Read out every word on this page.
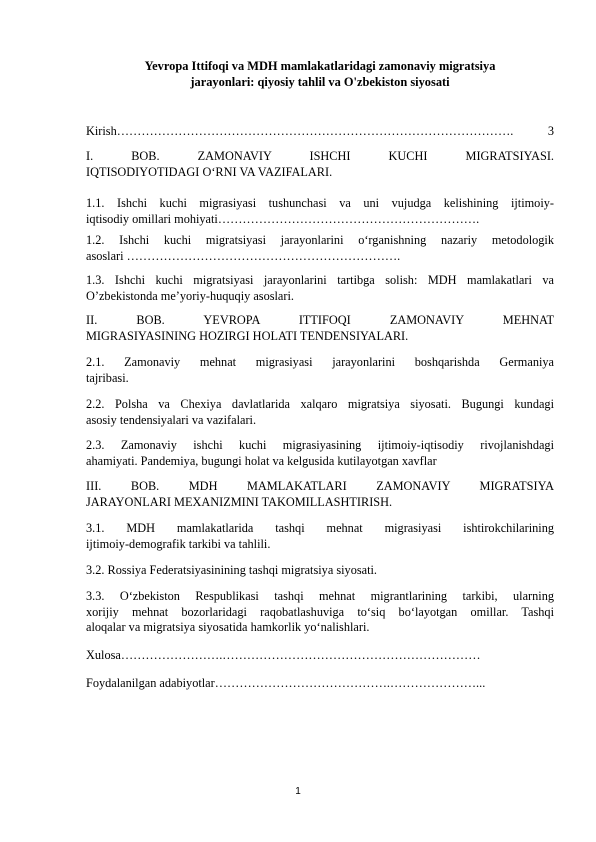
Yevropa Ittifoqi va MDH mamlakatlaridagi zamonaviy migratsiya
jarayonlari: qiyosiy tahlil va O'zbekiston siyosati
Kirish …………………………………………………………………………………….	3
I. BOB. ZAMONAVIY ISHCHI KUCHI MIGRATSIYASI.
IQTISODIYOTIDAGI O‘RNI VA VAZIFALARI.
1.1. Ishchi kuchi migrasiyasi tushunchasi va uni vujudga kelishining ijtimoiy-
iqtisodiy omillari mohiyati……………………………………………………….
1.2. Ishchi kuchi migratsiyasi jarayonlarini o‘rganishning nazariy metodologik
asoslari ………………………………………………………….
1.3. Ishchi kuchi migratsiyasi jarayonlarini tartibga solish: MDH mamlakatlari va
O’zbekistonda me’yoriy-huquqiy asoslari.
II. BOB. YEVROPA ITTIFOQI ZAMONAVIY MEHNAT
MIGRASIYASINING HOZIRGI HOLATI TENDENSIYALARI.
2.1. Zamonaviy mehnat migrasiyasi jarayonlarini boshqarishda Germaniya
tajribasi.
2.2. Polsha va Chexiya davlatlarida xalqaro migratsiya siyosati. Bugungi kundagi
asosiy tendensiyalari va vazifalari.
2.3. Zamonaviy ishchi kuchi migrasiyasining ijtimoiy-iqtisodiy rivojlanishdagi
ahamiyati. Pandemiya, bugungi holat va kelgusida kutilayotgan xavflar
III. BOB. MDH MAMLAKATLARI ZAMONAVIY MIGRATSIYA
JARAYONLARI MEXANIZMINI TAKOMILLASHTIRISH.
3.1. MDH mamlakatlarida tashqi mehnat migrasiyasi ishtirokchilarining
ijtimoiy-demografik tarkibi va tahlili.
3.2. Rossiya Federatsiyasinining tashqi migratsiya siyosati.
3.3. O‘zbekiston Respublikasi tashqi mehnat migrantlarining tarkibi, ularning
xorijiy mehnat bozorlaridagi raqobatlashuviga to‘siq bo‘layotgan omillar. Tashqi
aloqalar va migratsiya siyosatida hamkorlik yo‘nalishlari.
Xulosa…………………….………………………………………………………
Foydalanilgan adabiyotlar…………………………………….…………………...
1
